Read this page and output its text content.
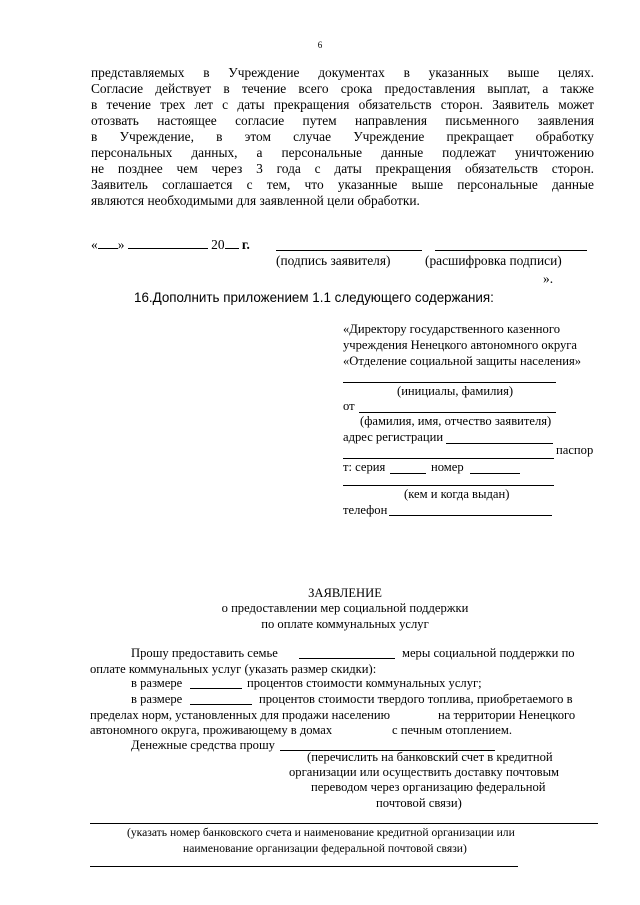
6
представляемых в Учреждение документах в указанных выше целях.
Согласие действует в течение всего срока предоставления выплат, а также
в течение трех лет с даты прекращения обязательств сторон. Заявитель может
отозвать настоящее согласие путем направления письменного заявления
в Учреждение, в этом случае Учреждение прекращает обработку
персональных данных, а персональные данные подлежат уничтожению
не позднее чем через 3 года с даты прекращения обязательств сторон.
Заявитель соглашается с тем, что указанные выше персональные данные
являются необходимыми для заявленной цели обработки.
« »	20 г.
(подпись заявителя)	(расшифровка подписи)
».
16.Дополнить приложением 1.1 следующего содержания:
«Директору государственного казенного
учреждения Ненецкого автономного округа
«Отделение социальной защиты населения»
(инициалы, фамилия)
от
(фамилия, имя, отчество заявителя)
адрес регистрации
паспор
т: серия	номер
(кем и когда выдан)
телефон
ЗАЯВЛЕНИЕ
о предоставлении мер социальной поддержки
по оплате коммунальных услуг
Прошу предоставить семье	меры социальной поддержки по
оплате коммунальных услуг (указать размер скидки):
в размере	процентов стоимости коммунальных услуг;
в размере	процентов стоимости твердого топлива, приобретаемого в
пределах норм, установленных для продажи населению	на территории Ненецкого
автономного округа, проживающему в домах	с печным отоплением.
Денежные средства прошу
(перечислить на банковский счет в кредитной
организации или осуществить доставку почтовым
переводом через организацию федеральной
почтовой связи)
(указать номер банковского счета и наименование кредитной организации или
наименование организации федеральной почтовой связи)
